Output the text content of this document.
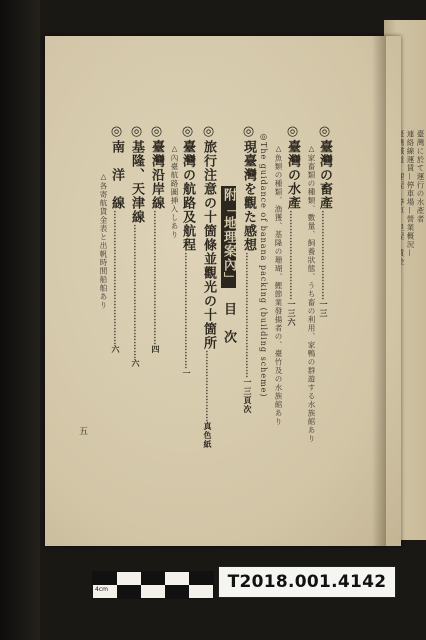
連絡線運賃—停車場—營業概況— 臺灣に於て運行の水產者
◎臺灣の畜產…………………………一三
△家畜類の種類、數量、飼養狀態、うち畜の利用、家鴨の群遊する水族館あり
◎臺灣の水產…………………………一三六
△魚類の種類、漁獲、基隆の珊瑚、鰹節業發揚者の、臺竹及の水族館あり
◎The guidance of banana packing (building scheme)
◎現臺灣を觀た感想……………………………………一三頁次
附「地理案內」目　次
◎旅行注意の十箇條並觀光の十箇所……………………真色紙
◎臺灣の航路及航程…………………………………一
△內臺航路圖挿入しあり
◎臺灣沿岸線………………………………………四
◎基隆、天津線………………………………………六
◎南　洋　線………………………………………六
△各寄航貨金表と出帆時間船舶あり
五
4cm
5cm	T2018.001.4142
